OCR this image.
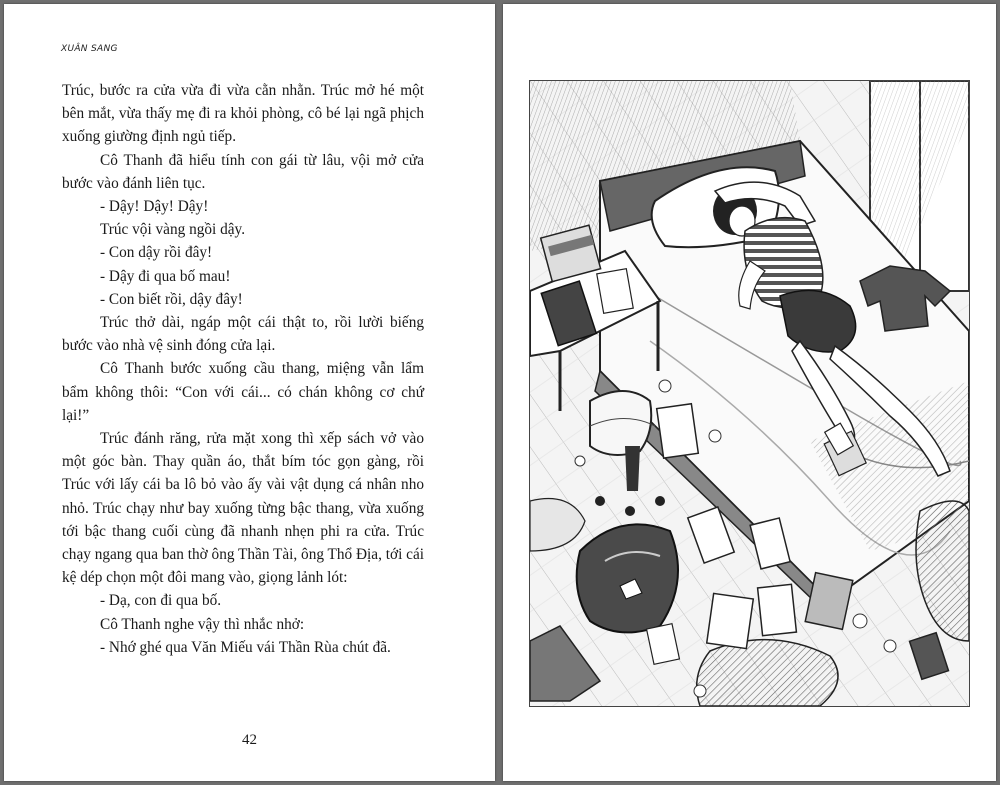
XUÂN SANG

Trúc, bước ra cửa vừa đi vừa cằn nhằn. Trúc mở hé một bên mắt, vừa thấy mẹ đi ra khỏi phòng, cô bé lại ngã phịch xuống giường định ngủ tiếp.

Cô Thanh đã hiểu tính con gái từ lâu, vội mở cửa bước vào đánh liên tục.

- Dậy! Dậy! Dậy!

Trúc vội vàng ngồi dậy.

- Con dậy rồi đây!

- Dậy đi qua bố mau!

- Con biết rồi, dậy đây!

Trúc thở dài, ngáp một cái thật to, rồi lười biếng bước vào nhà vệ sinh đóng cửa lại.

Cô Thanh bước xuống cầu thang, miệng vẫn lẩm bẩm không thôi: “Con với cái... có chán không cơ chứ lại!”

Trúc đánh răng, rửa mặt xong thì xếp sách vở vào một góc bàn. Thay quần áo, thắt bím tóc gọn gàng, rồi Trúc với lấy cái ba lô bỏ vào ấy vài vật dụng cá nhân nho nhỏ. Trúc chạy như bay xuống từng bậc thang, vừa xuống tới bậc thang cuối cùng đã nhanh nhẹn phi ra cửa. Trúc chạy ngang qua ban thờ ông Thần Tài, ông Thổ Địa, tới cái kệ dép chọn một đôi mang vào, giọng lảnh lót:

- Dạ, con đi qua bố.

Cô Thanh nghe vậy thì nhắc nhở:

- Nhớ ghé qua Văn Miếu vái Thần Rùa chút đã.

42
